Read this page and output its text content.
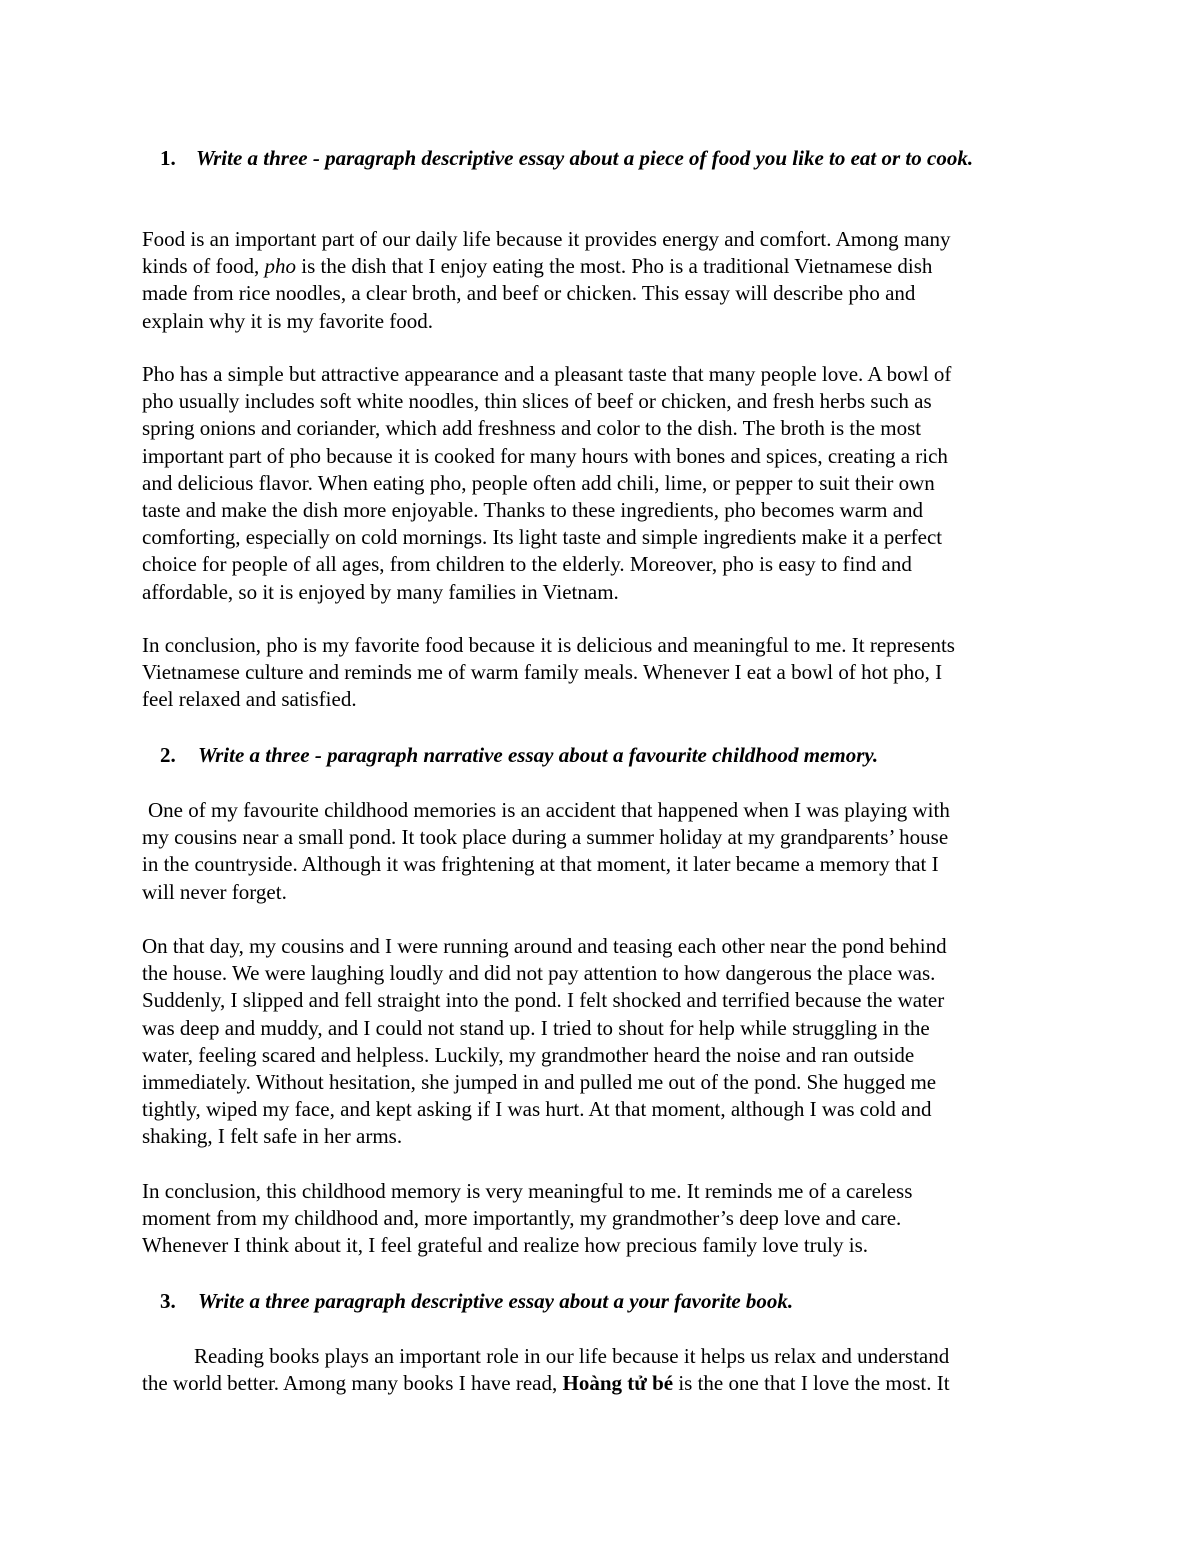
1. Write a three - paragraph descriptive essay about a piece of food you like to eat or to cook.

Food is an important part of our daily life because it provides energy and comfort. Among many
kinds of food, pho is the dish that I enjoy eating the most. Pho is a traditional Vietnamese dish
made from rice noodles, a clear broth, and beef or chicken. This essay will describe pho and
explain why it is my favorite food.

Pho has a simple but attractive appearance and a pleasant taste that many people love. A bowl of
pho usually includes soft white noodles, thin slices of beef or chicken, and fresh herbs such as
spring onions and coriander, which add freshness and color to the dish. The broth is the most
important part of pho because it is cooked for many hours with bones and spices, creating a rich
and delicious flavor. When eating pho, people often add chili, lime, or pepper to suit their own
taste and make the dish more enjoyable. Thanks to these ingredients, pho becomes warm and
comforting, especially on cold mornings. Its light taste and simple ingredients make it a perfect
choice for people of all ages, from children to the elderly. Moreover, pho is easy to find and
affordable, so it is enjoyed by many families in Vietnam.

In conclusion, pho is my favorite food because it is delicious and meaningful to me. It represents
Vietnamese culture and reminds me of warm family meals. Whenever I eat a bowl of hot pho, I
feel relaxed and satisfied.

2.	Write a three - paragraph narrative essay about a favourite childhood memory.

One of my favourite childhood memories is an accident that happened when I was playing with
my cousins near a small pond. It took place during a summer holiday at my grandparents’ house
in the countryside. Although it was frightening at that moment, it later became a memory that I
will never forget.

On that day, my cousins and I were running around and teasing each other near the pond behind
the house. We were laughing loudly and did not pay attention to how dangerous the place was.
Suddenly, I slipped and fell straight into the pond. I felt shocked and terrified because the water
was deep and muddy, and I could not stand up. I tried to shout for help while struggling in the
water, feeling scared and helpless. Luckily, my grandmother heard the noise and ran outside
immediately. Without hesitation, she jumped in and pulled me out of the pond. She hugged me
tightly, wiped my face, and kept asking if I was hurt. At that moment, although I was cold and
shaking, I felt safe in her arms.

In conclusion, this childhood memory is very meaningful to me. It reminds me of a careless
moment from my childhood and, more importantly, my grandmother’s deep love and care.
Whenever I think about it, I feel grateful and realize how precious family love truly is.

3.	Write a three paragraph descriptive essay about a your favorite book.

Reading books plays an important role in our life because it helps us relax and understand
the world better. Among many books I have read, Hoàng tử bé is the one that I love the most. It
